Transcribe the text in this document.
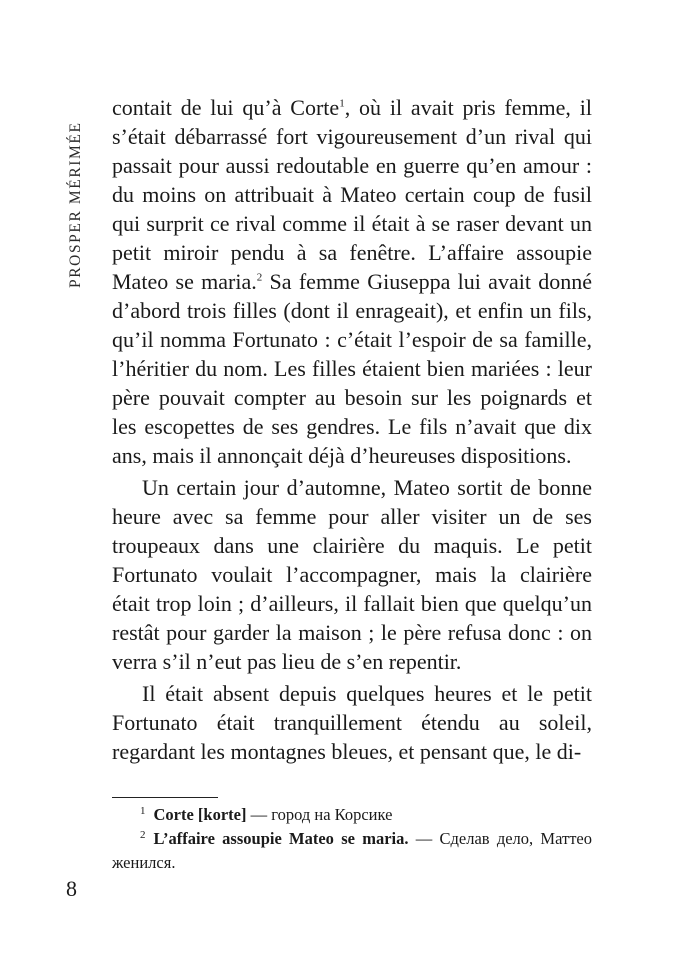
PROSPER MÉRIMÉE

contait de lui qu’à Corte$^1$, où il avait pris femme, il s’était débarrassé fort vigoureusement d’un rival qui passait pour aussi redoutable en guerre qu’en amour : du moins on attribuait à Mateo certain coup de fusil qui surprit ce rival comme il était à se raser devant un petit miroir pendu à sa fenêtre. L’affaire assoupie Mateo se maria.$^2$ Sa femme Giuseppa lui avait donné d’abord trois filles (dont il enrageait), et enfin un fils, qu’il nomma Fortunato : c’était l’espoir de sa famille, l’héritier du nom. Les filles étaient bien mariées : leur père pouvait compter au besoin sur les poignards et les escopettes de ses gendres. Le fils n’avait que dix ans, mais il annonçait déjà d’heureuses dispositions.

Un certain jour d’automne, Mateo sortit de bonne heure avec sa femme pour aller visiter un de ses troupeaux dans une clairière du maquis. Le petit Fortunato voulait l’accompagner, mais la clairière était trop loin ; d’ailleurs, il fallait bien que quelqu’un restât pour garder la maison ; le père refusa donc : on verra s’il n’eut pas lieu de s’en repentir.

Il était absent depuis quelques heures et le petit Fortunato était tranquillement étendu au soleil, regardant les montagnes bleues, et pensant que, le di-

$^1$ Corte [korte] — город на Корсике

$^2$ L’affaire assoupie Mateo se maria. — Сделав дело, Маттео женился.

8
